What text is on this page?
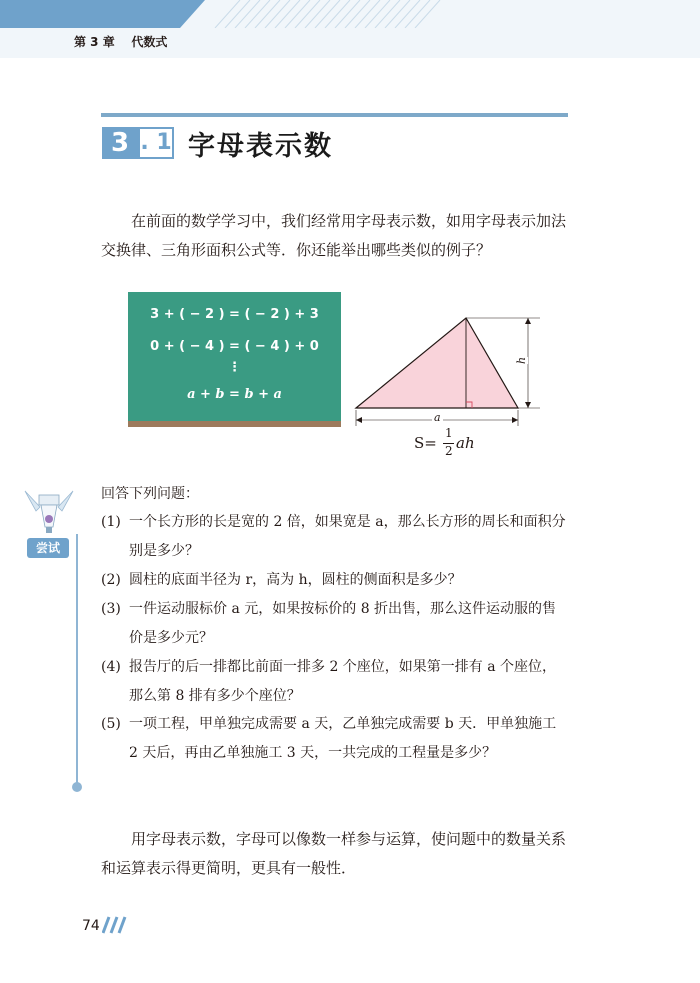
第 3 章    代数式
3 . 1 字母表示数
在前面的数学学习中，我们经常用字母表示数，如用字母表示加法交换律、三角形面积公式等．你还能举出哪些类似的例子？
3 + ( − 2 ) = ( − 2 ) + 3
0 + ( − 4 ) = ( − 4 ) + 0
⋮
a + b = b + a
a
h
S=
1
2 ah
尝试
回答下列问题：
(1) 一个长方形的长是宽的 2 倍，如果宽是 a，那么长方形的周长和面积分别是多少？
(2) 圆柱的底面半径为 r，高为 h，圆柱的侧面积是多少？
(3) 一件运动服标价 a 元，如果按标价的 8 折出售，那么这件运动服的售价是多少元？
(4) 报告厅的后一排都比前面一排多 2 个座位，如果第一排有 a 个座位，那么第 8 排有多少个座位？
(5) 一项工程，甲单独完成需要 a 天，乙单独完成需要 b 天．甲单独施工 2 天后，再由乙单独施工 3 天，一共完成的工程量是多少？
用字母表示数，字母可以像数一样参与运算，使问题中的数量关系和运算表示得更简明，更具有一般性．
74
